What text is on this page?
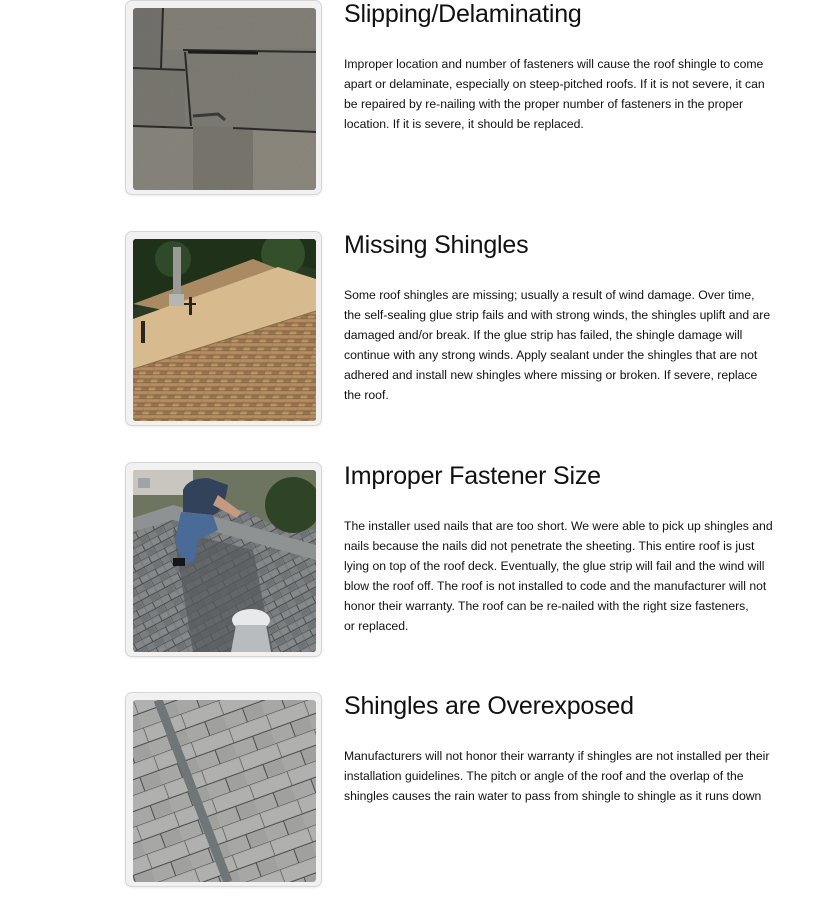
Slipping/Delaminating

Improper location and number of fasteners will cause the roof shingle to come
apart or delaminate, especially on steep-pitched roofs. If it is not severe, it can
be repaired by re-nailing with the proper number of fasteners in the proper
location. If it is severe, it should be replaced.

Missing Shingles

Some roof shingles are missing; usually a result of wind damage. Over time,
the self-sealing glue strip fails and with strong winds, the shingles uplift and are
damaged and/or break. If the glue strip has failed, the shingle damage will
continue with any strong winds. Apply sealant under the shingles that are not
adhered and install new shingles where missing or broken. If severe, replace
the roof.

Improper Fastener Size

The installer used nails that are too short. We were able to pick up shingles and
nails because the nails did not penetrate the sheeting. This entire roof is just
lying on top of the roof deck. Eventually, the glue strip will fail and the wind will
blow the roof off. The roof is not installed to code and the manufacturer will not
honor their warranty. The roof can be re-nailed with the right size fasteners,
or replaced.

Shingles are Overexposed

Manufacturers will not honor their warranty if shingles are not installed per their
installation guidelines. The pitch or angle of the roof and the overlap of the
shingles causes the rain water to pass from shingle to shingle as it runs down
